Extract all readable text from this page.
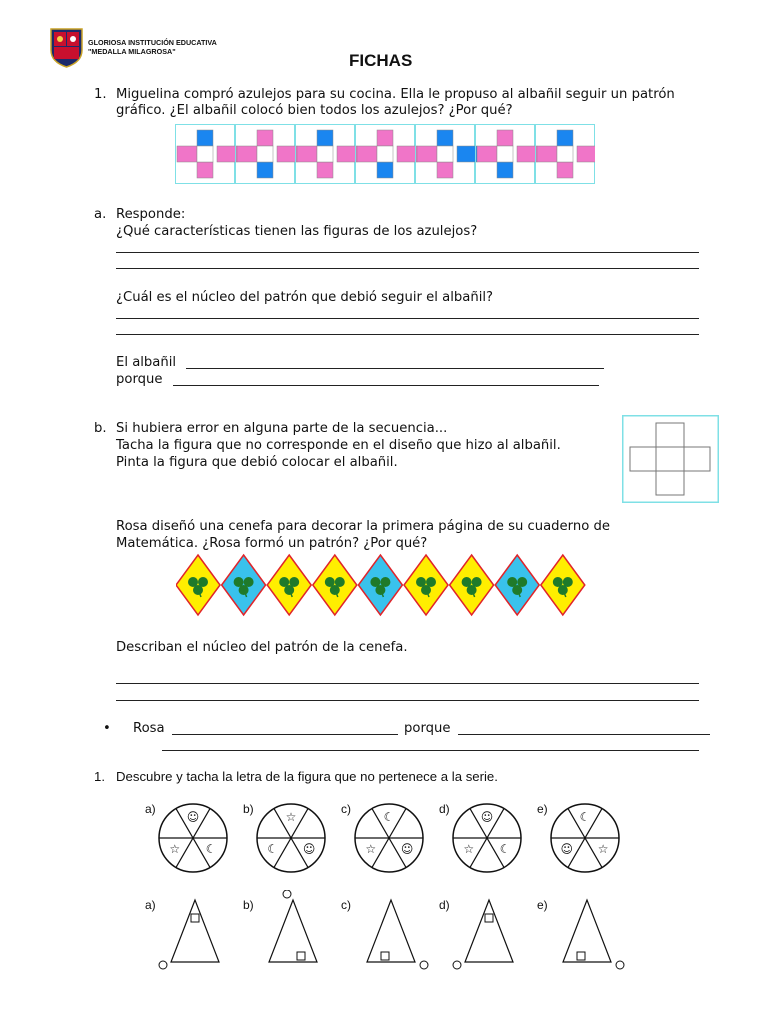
GLORIOSA INSTITUCIÓN EDUCATIVA
"MEDALLA MILAGROSA"	FICHAS
1. Miguelina compró azulejos para su cocina. Ella le propuso al albañil seguir un patrón
gráfico. ¿El albañil colocó bien todos los azulejos? ¿Por qué?
a. Responde:
¿Qué características tienen las figuras de los azulejos?
¿Cuál es el núcleo del patrón que debió seguir el albañil?
El albañil
porque
b. Si hubiera error en alguna parte de la secuencia...
Tacha la figura que no corresponde en el diseño que hizo al albañil.
Pinta la figura que debió colocar el albañil.
Rosa diseñó una cenefa para decorar la primera página de su cuaderno de
Matemática. ¿Rosa formó un patrón? ¿Por qué?
Describan el núcleo del patrón de la cenefa.
• Rosa	porque
1. Descubre y tacha la letra de la figura que no pertenece a la serie.
a)
☺
☾
☆
b)
☆
☺
☾
c)
☾
☺
☆
d)
☺
☾
☆
e)
☾
☆
☺
a)	b)	c)	d)	e)
